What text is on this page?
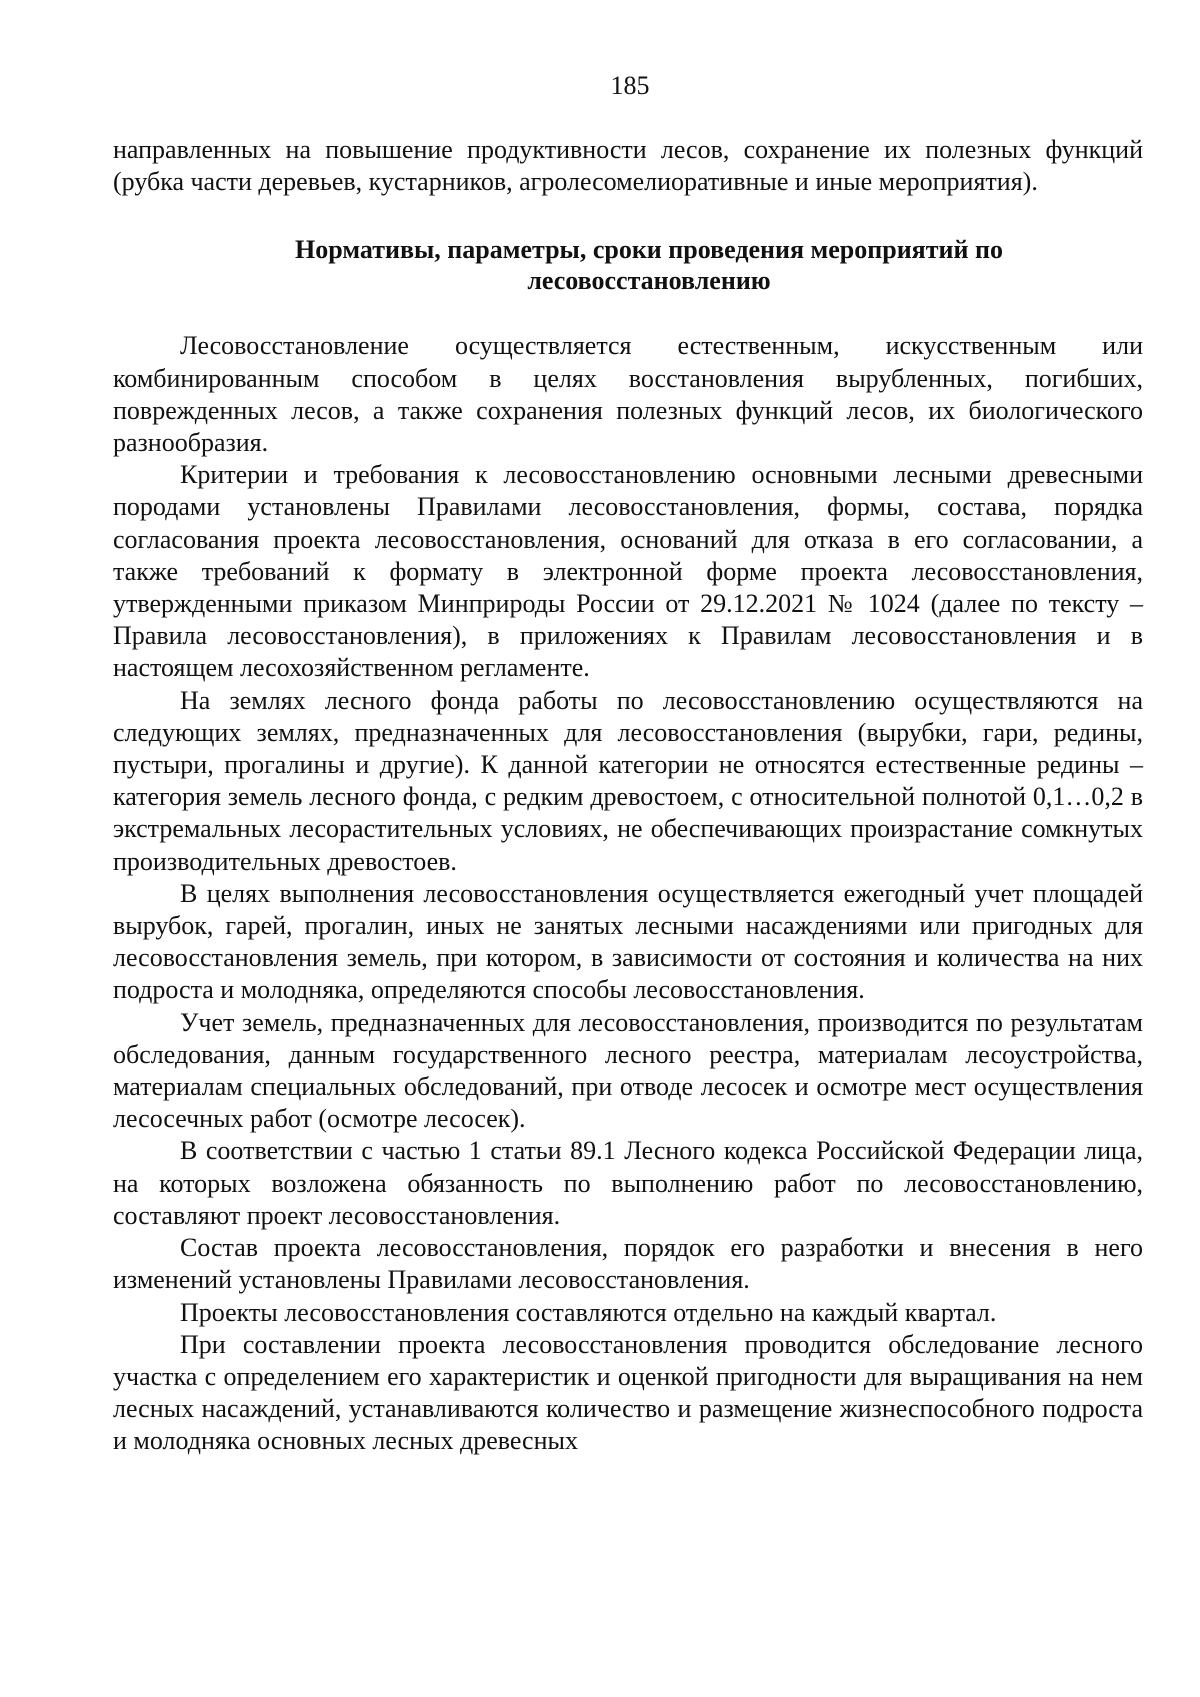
185

направленных на повышение продуктивности лесов, сохранение их полезных функций (рубка части деревьев, кустарников, агролесомелиоративные и иные мероприятия).

Нормативы, параметры, сроки проведения мероприятий по
лесовосстановлению

Лесовосстановление осуществляется естественным, искусственным или комбинированным способом в целях восстановления вырубленных, погибших, поврежденных лесов, а также сохранения полезных функций лесов, их биологического разнообразия.

Критерии и требования к лесовосстановлению основными лесными древесными породами установлены Правилами лесовосстановления, формы, состава, порядка согласования проекта лесовосстановления, оснований для отказа в его согласовании, а также требований к формату в электронной форме проекта лесовосстановления, утвержденными приказом Минприроды России от 29.12.2021 № 1024 (далее по тексту – Правила лесовосстановления), в приложениях к Правилам лесовосстановления и в настоящем лесохозяйственном регламенте.

На землях лесного фонда работы по лесовосстановлению осуществляются на следующих землях, предназначенных для лесовосстановления (вырубки, гари, редины, пустыри, прогалины и другие). К данной категории не относятся естественные редины – категория земель лесного фонда, с редким древостоем, с относительной полнотой 0,1…0,2 в экстремальных лесорастительных условиях, не обеспечивающих произрастание сомкнутых производительных древостоев.

В целях выполнения лесовосстановления осуществляется ежегодный учет площадей вырубок, гарей, прогалин, иных не занятых лесными насаждениями или пригодных для лесовосстановления земель, при котором, в зависимости от состояния и количества на них подроста и молодняка, определяются способы лесовосстановления.

Учет земель, предназначенных для лесовосстановления, производится по результатам обследования, данным государственного лесного реестра, материалам лесоустройства, материалам специальных обследований, при отводе лесосек и осмотре мест осуществления лесосечных работ (осмотре лесосек).

В соответствии с частью 1 статьи 89.1 Лесного кодекса Российской Федерации лица, на которых возложена обязанность по выполнению работ по лесовосстановлению, составляют проект лесовосстановления.

Состав проекта лесовосстановления, порядок его разработки и внесения в него изменений установлены Правилами лесовосстановления.

Проекты лесовосстановления составляются отдельно на каждый квартал.

При составлении проекта лесовосстановления проводится обследование лесного участка с определением его характеристик и оценкой пригодности для выращивания на нем лесных насаждений, устанавливаются количество и размещение жизнеспособного подроста и молодняка основных лесных древесных
